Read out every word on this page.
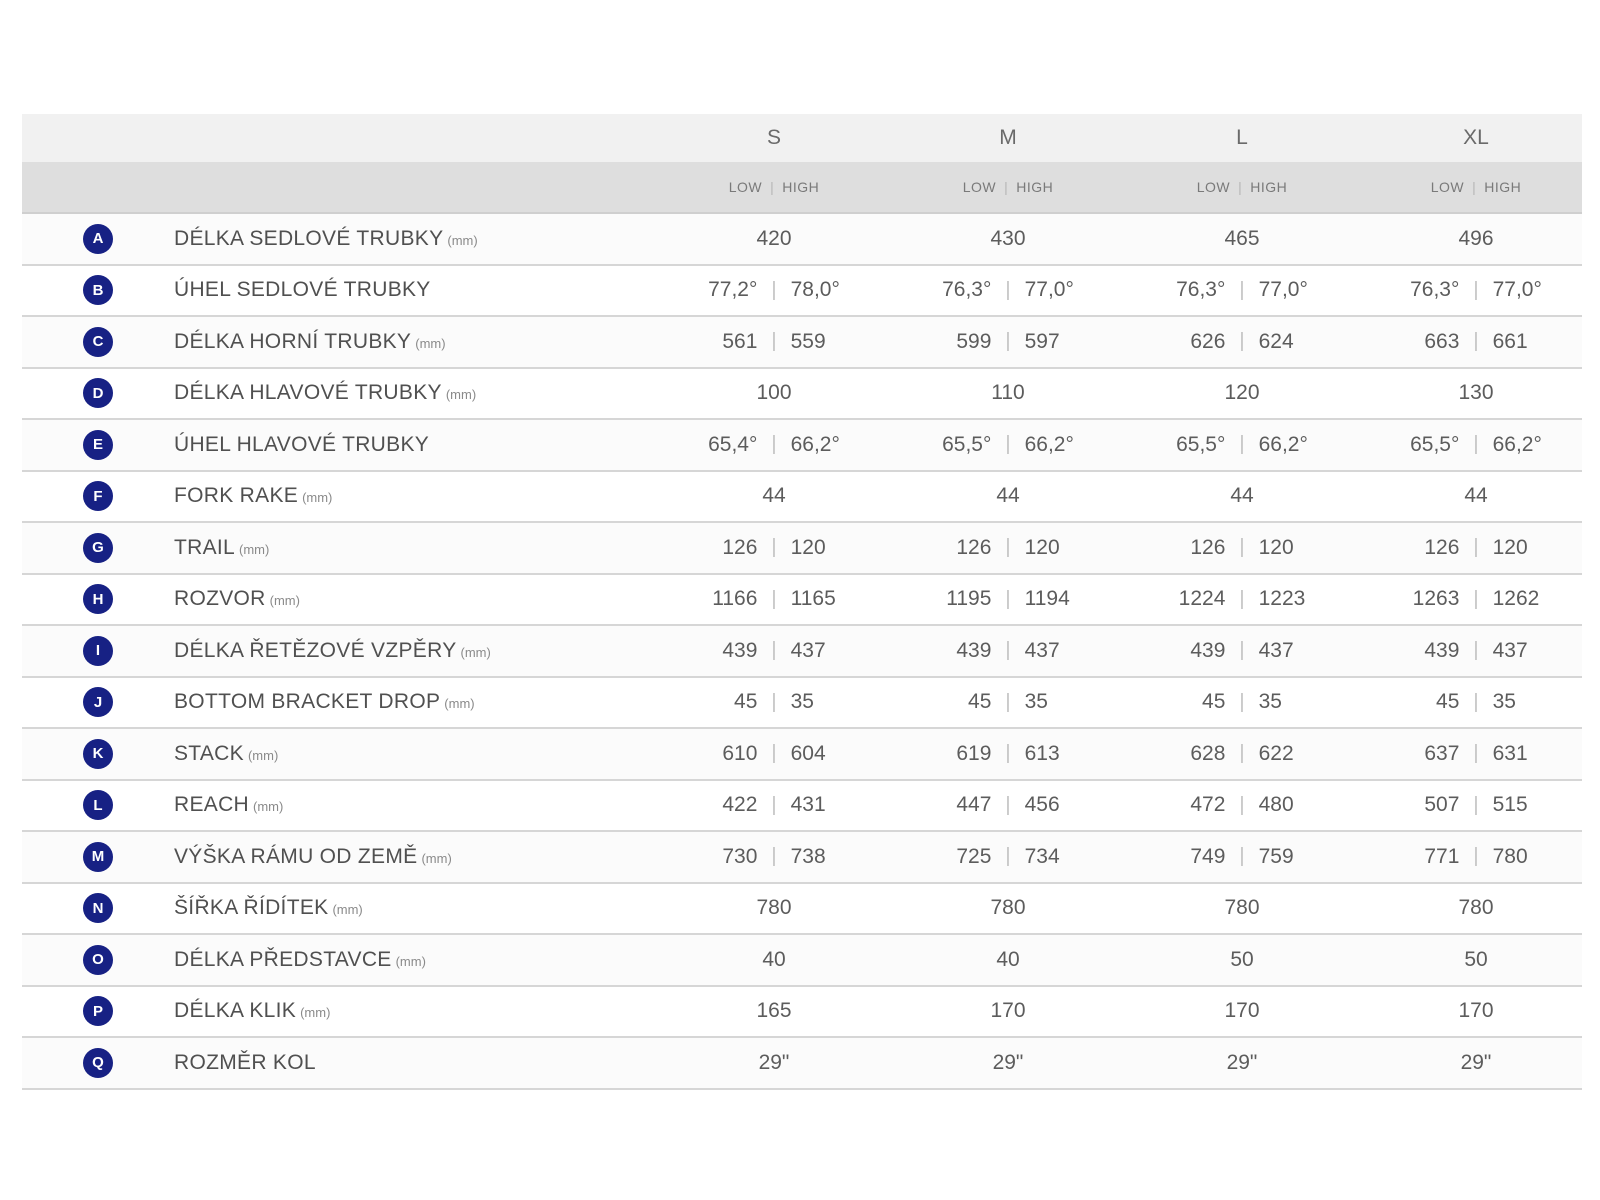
S	M	L	XL
LOW | HIGH	LOW | HIGH	LOW | HIGH	LOW | HIGH
A	DÉLKA SEDLOVÉ TRUBKY (mm)	420	430	465	496
B	ÚHEL SEDLOVÉ TRUBKY	77,2° | 78,0°	76,3° | 77,0°	76,3° | 77,0°	76,3° | 77,0°
C	DÉLKA HORNÍ TRUBKY (mm)	561 | 559	599 | 597	626 | 624	663 | 661
D	DÉLKA HLAVOVÉ TRUBKY (mm)	100	110	120	130
E	ÚHEL HLAVOVÉ TRUBKY	65,4° | 66,2°	65,5° | 66,2°	65,5° | 66,2°	65,5° | 66,2°
F	FORK RAKE (mm)	44	44	44	44
G	TRAIL (mm)	126 | 120	126 | 120	126 | 120	126 | 120
H	ROZVOR (mm)	1166 | 1165	1195 | 1194	1224 | 1223	1263 | 1262
I	DÉLKA ŘETĚZOVÉ VZPĚRY (mm)	439 | 437	439 | 437	439 | 437	439 | 437
J	BOTTOM BRACKET DROP (mm)	45 | 35	45 | 35	45 | 35	45 | 35
K	STACK (mm)	610 | 604	619 | 613	628 | 622	637 | 631
L	REACH (mm)	422 | 431	447 | 456	472 | 480	507 | 515
M	VÝŠKA RÁMU OD ZEMĚ (mm)	730 | 738	725 | 734	749 | 759	771 | 780
N	ŠÍŘKA ŘÍDÍTEK (mm)	780	780	780	780
O	DÉLKA PŘEDSTAVCE (mm)	40	40	50	50
P	DÉLKA KLIK (mm)	165	170	170	170
Q	ROZMĚR KOL	29"	29"	29"	29"
